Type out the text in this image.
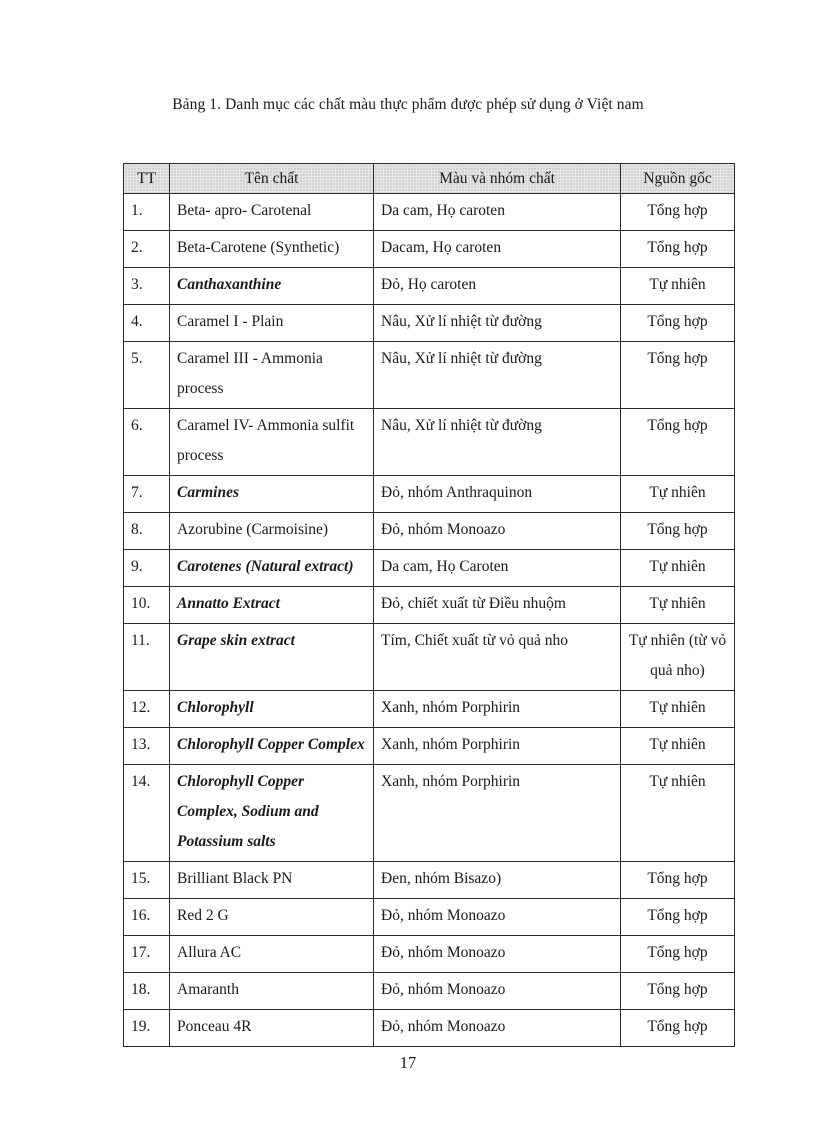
Bảng 1. Danh mục các chất màu thực phẩm được phép sử dụng ở Việt nam
TT	Tên chất	Màu và nhóm chất	Nguồn gốc
1.	Beta- apro- Carotenal	Da cam, Họ caroten	Tổng hợp
2.	Beta-Carotene (Synthetic)	Dacam, Họ caroten	Tổng hợp
3.	Canthaxanthine	Đỏ, Họ caroten	Tự nhiên
4.	Caramel I - Plain	Nâu, Xử lí nhiệt từ đường	Tổng hợp
5.	Caramel III - Ammonia process	Nâu, Xử lí nhiệt từ đường	Tổng hợp
6.	Caramel IV- Ammonia sulfit process	Nâu, Xử lí nhiệt từ đường	Tổng hợp
7.	Carmines	Đỏ, nhóm Anthraquinon	Tự nhiên
8.	Azorubine (Carmoisine)	Đỏ, nhóm Monoazo	Tổng hợp
9.	Carotenes (Natural extract)	Da cam, Họ Caroten	Tự nhiên
10.	Annatto Extract	Đỏ, chiết xuất từ Điều nhuộm	Tự nhiên
11.	Grape skin extract	Tím, Chiết xuất từ vỏ quả nho	Tự nhiên (từ vỏ quả nho)
12.	Chlorophyll	Xanh, nhóm Porphirin	Tự nhiên
13.	Chlorophyll Copper Complex	Xanh, nhóm Porphirin	Tự nhiên
14.	Chlorophyll Copper Complex, Sodium and Potassium salts	Xanh, nhóm Porphirin	Tự nhiên
15.	Brilliant Black PN	Đen, nhóm Bisazo)	Tổng hợp
16.	Red 2 G	Đỏ, nhóm Monoazo	Tổng hợp
17.	Allura AC	Đỏ, nhóm Monoazo	Tổng hợp
18.	Amaranth	Đỏ, nhóm Monoazo	Tổng hợp
19.	Ponceau 4R	Đỏ, nhóm Monoazo	Tổng hợp
17
